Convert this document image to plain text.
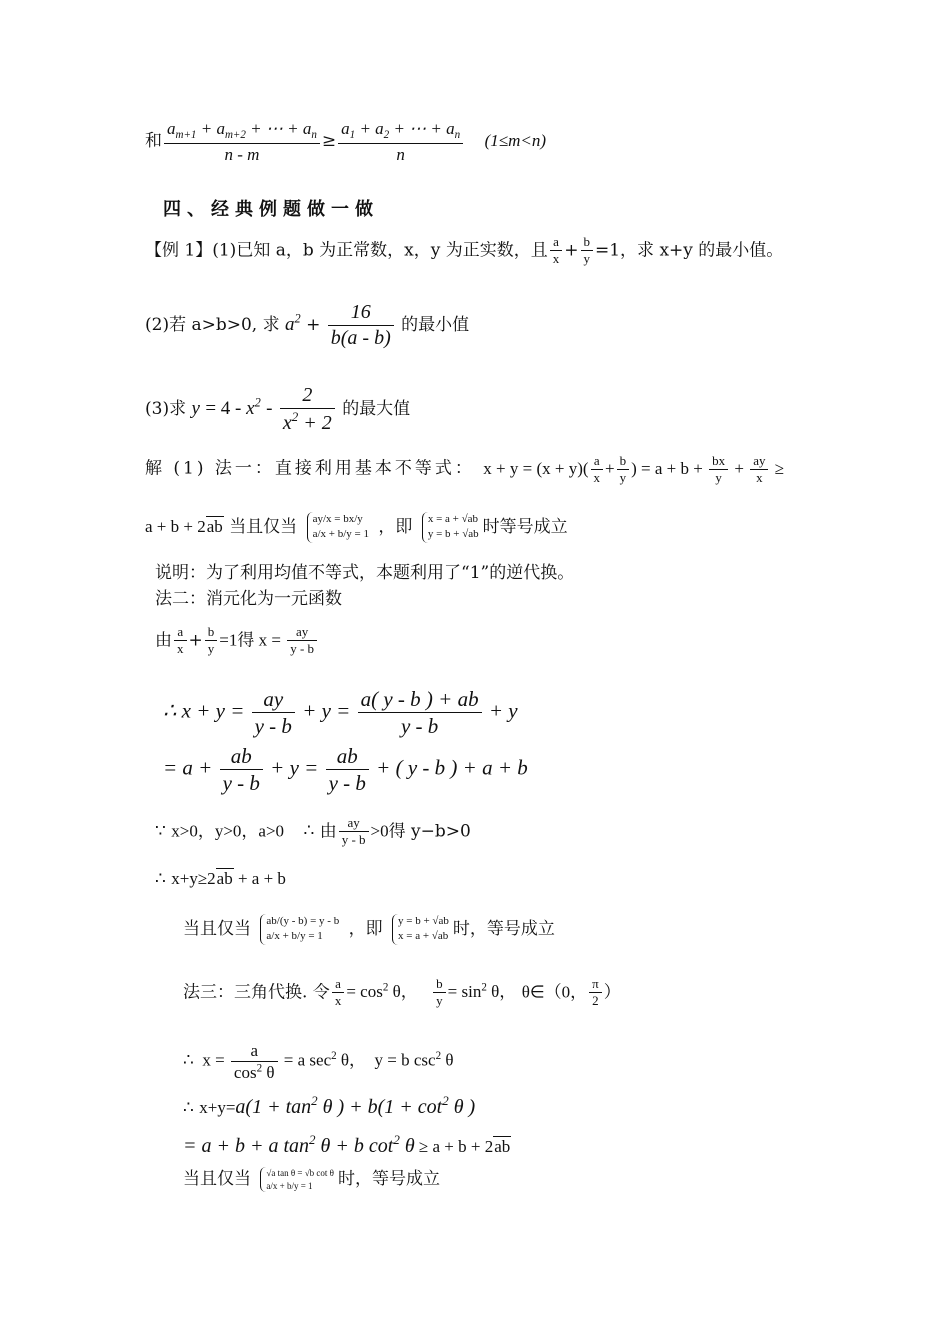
和 $\frac{a_{m+1} + a_{m+2} + \cdots + a_n}{n - m} \ge \frac{a_1 + a_2 + \cdots + a_n}{n} (1\le m<n)$
四、经典例题做一做
【例 1】(1)已知 a，b 为正常数，x，y 为正实数，且 $\frac{a}{x} + \frac{b}{y} =1$，求 x+y 的最小值。
(2)若 a>b>0, 求 $a^2 + \frac{16}{b(a - b)}$ 的最小值
(3)求 $y = 4 - x^2 - \frac{2}{x^2 + 2}$ 的最大值
解 (1) 法一：直接利用基本不等式： $x + y = (x + y)( \frac{a}{x} + \frac{b}{y}$ ) = $a + b + \frac{bx}{y} + \frac{ay}{x}$ ≥
a + b + 2ab 当且仅当 ay/x = bx/y
a/x + b/y = 1 ，即 x = a + √ab
y = b + √ab 时等号成立
说明：为了利用均值不等式，本题利用了“1”的逆代换。
法二：消元化为一元函数
由 $\frac{a}{x} + \frac{b}{y} =1$得 $x = \frac{ay}{y - b}$
∴ $x + y = \frac{ay}{y - b} + y = \frac{a( y - b ) + ab}{y - b} + y$
= $a + \frac{ab}{y - b} + y = \frac{ab}{y - b}$ + ( y - b ) + a + b
∵ x>0，y>0，a>0 ∴ 由 $\frac{ay}{y - b} >0$得 y−b>0
∴ x+y≥2ab + a + b
当且仅当 ab/(y - b) = y - b
a/x + b/y = 1 ，即 y = b + √ab
x = a + √ab 时，等号成立
法三：三角代换. 令 $\frac{a}{x} = \cos^2 \theta$， $\frac{b}{y} = \sin^2 \theta$， θ∈（0， $\frac{\pi}{2}$ ）
∴  $x = \frac{a}{\cos^2 \theta} = a$ $\sec^2 \theta$，  y = b $\csc^2 \theta$
∴ $x+y=a(1 + \tan^2 \theta$ ) + $b(1 + \cot^2 \theta$ )
= a + b + a $\tan^2 \theta + b$ $\cot^2 \theta \ge a + b + 2ab$
当且仅当 √a tan θ = √b cot θ
a/x + b/y = 1 时，等号成立
